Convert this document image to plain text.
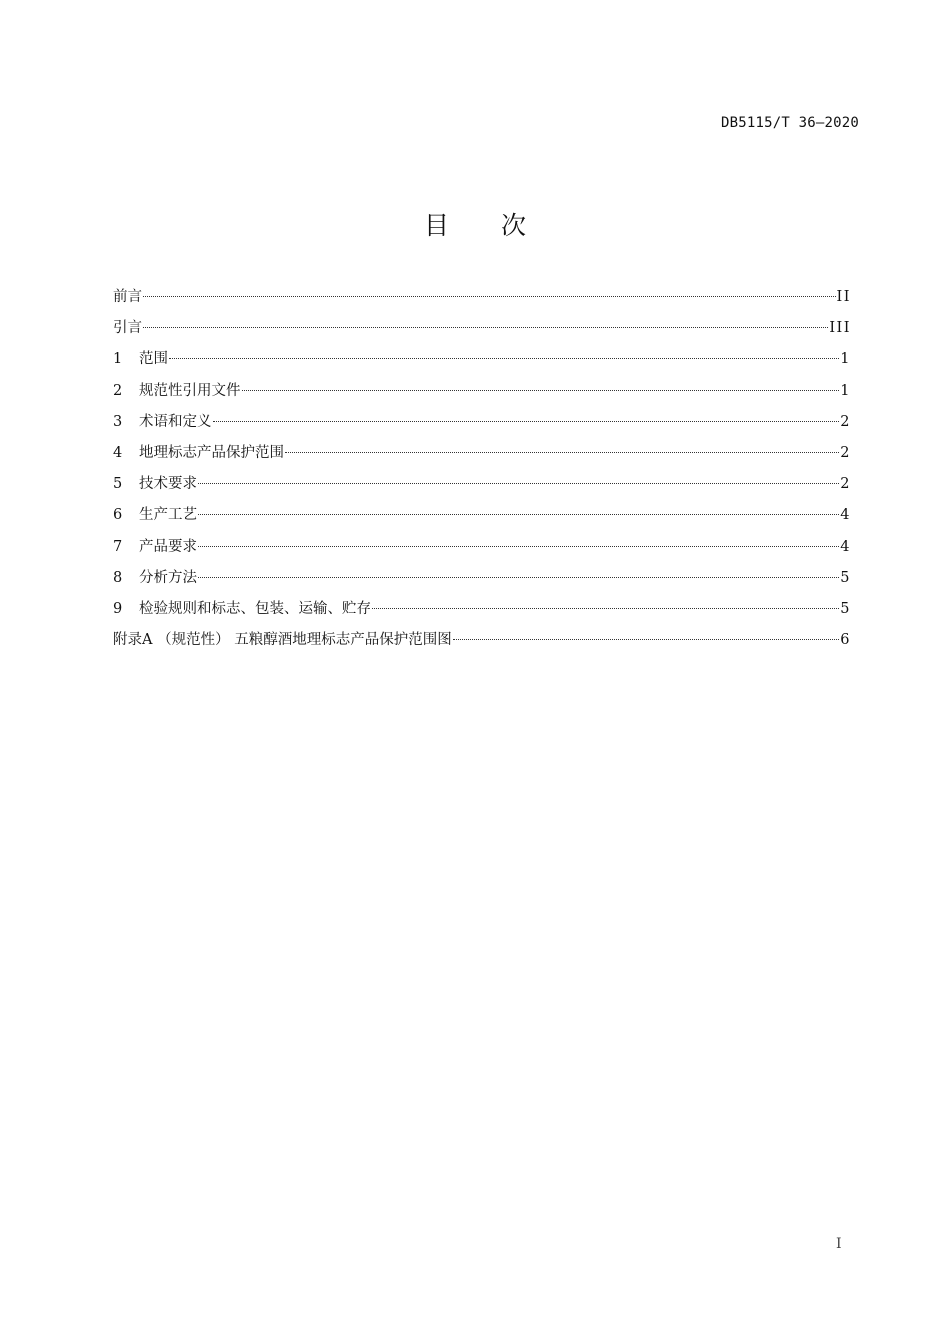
DB5115/T 36—2020
目次
前言	II
引言	III
1	范围	1
2	规范性引用文件	1
3	术语和定义	2
4	地理标志产品保护范围	2
5	技术要求	2
6	生产工艺	4
7	产品要求	4
8	分析方法	5
9	检验规则和标志、包装、运输、贮存	5
附录A （规范性） 五粮醇酒地理标志产品保护范围图	6
I
